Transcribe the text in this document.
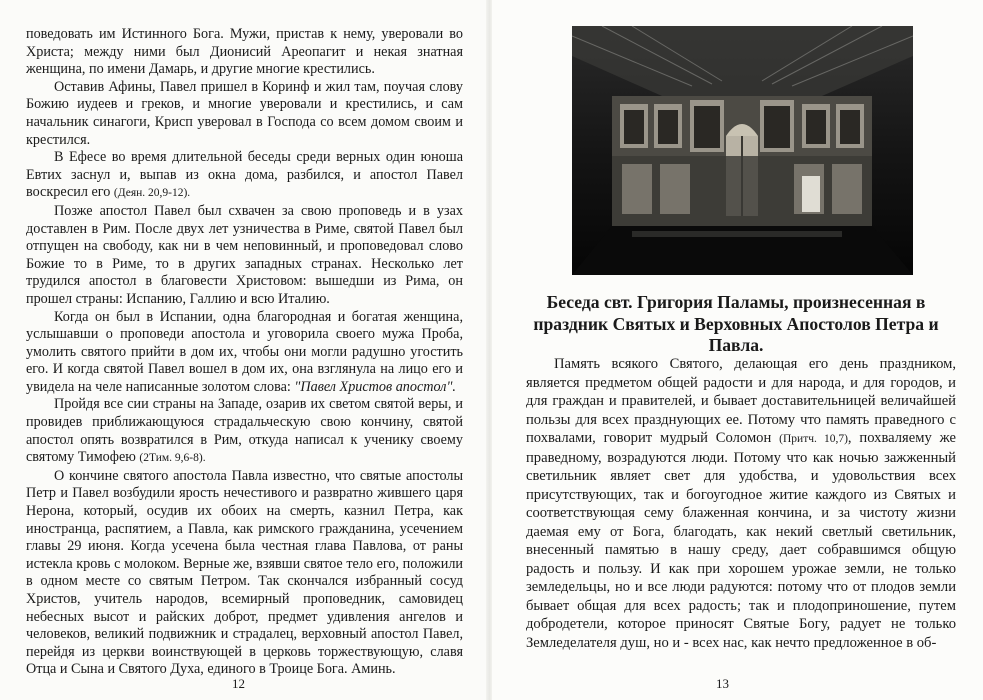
поведовать им Истинного Бога. Мужи, пристав к нему, уверовали во Христа; между ними был Дионисий Ареопагит и некая знатная женщина, по имени Дамарь, и другие многие крестились.

Оставив Афины, Павел пришел в Коринф и жил там, поучая слову Божию иудеев и греков, и многие уверовали и крестились, и сам начальник синагоги, Крисп уверовал в Господа со всем домом своим и крестился.

В Ефесе во время длительной беседы среди верных один юноша Евтих заснул и, выпав из окна дома, разбился, и апостол Павел воскресил его (Деян. 20,9-12).

Позже апостол Павел был схвачен за свою проповедь и в узах доставлен в Рим. После двух лет узничества в Риме, святой Павел был отпущен на свободу, как ни в чем неповинный, и проповедовал слово Божие то в Риме, то в других западных странах. Несколько лет трудился апостол в благовести Христовом: вышедши из Рима, он прошел страны: Испанию, Галлию и всю Италию.

Когда он был в Испании, одна благородная и богатая женщина, услышавши о проповеди апостола и уговорила своего мужа Проба, умолить святого прийти в дом их, чтобы они могли радушно угостить его. И когда святой Павел вошел в дом их, она взглянула на лицо его и увидела на челе написанные золотом слова: "Павел Христов апостол".

Пройдя все сии страны на Западе, озарив их светом святой веры, и провидев приближающуюся страдальческую свою кончину, святой апостол опять возвратился в Рим, откуда написал к ученику своему святому Тимофею (2Тим. 9,6-8).

О кончине святого апостола Павла известно, что святые апостолы Петр и Павел возбудили ярость нечестивого и развратно жившего царя Нерона, который, осудив их обоих на смерть, казнил Петра, как иностранца, распятием, а Павла, как римского гражданина, усечением главы 29 июня. Когда усечена была честная глава Павлова, от раны истекла кровь с молоком. Верные же, взявши святое тело его, положили в одном месте со святым Петром. Так скончался избранный сосуд Христов, учитель народов, всемирный проповедник, самовидец небесных высот и райских доброт, предмет удивления ангелов и человеков, великий подвижник и страдалец, верховный апостол Павел, перейдя из церкви воинствующей в церковь торжествующую, славя Отца и Сына и Святого Духа, единого в Троице Бога. Аминь.

12
Беседа свт. Григория Паламы, произнесенная в праздник Святых и Верховных Апостолов Петра и Павла.

Память всякого Святого, делающая его день праздником, является предметом общей радости и для народа, и для городов, и для граждан и правителей, и бывает доставительницей величайшей пользы для всех празднующих ее. Потому что память праведного с похвалами, говорит мудрый Соломон (Притч. 10,7), похваляему же праведному, возрадуются люди. Потому что как ночью зажженный светильник являет свет для удобства, и удовольствия всех присутствующих, так и богоугодное житие каждого из Святых и соответствующая сему блаженная кончина, и за чистоту жизни даемая ему от Бога, благодать, как некий светлый светильник, внесенный памятью в нашу среду, дает собравшимся общую радость и пользу. И как при хорошем урожае земли, не только земледельцы, но и все люди радуются: потому что от плодов земли бывает общая для всех радость; так и плодоприношение, путем добродетели, которое приносят Святые Богу, радует не только Земледелателя душ, но и - всех нас, как нечто предложенное в об-

13
